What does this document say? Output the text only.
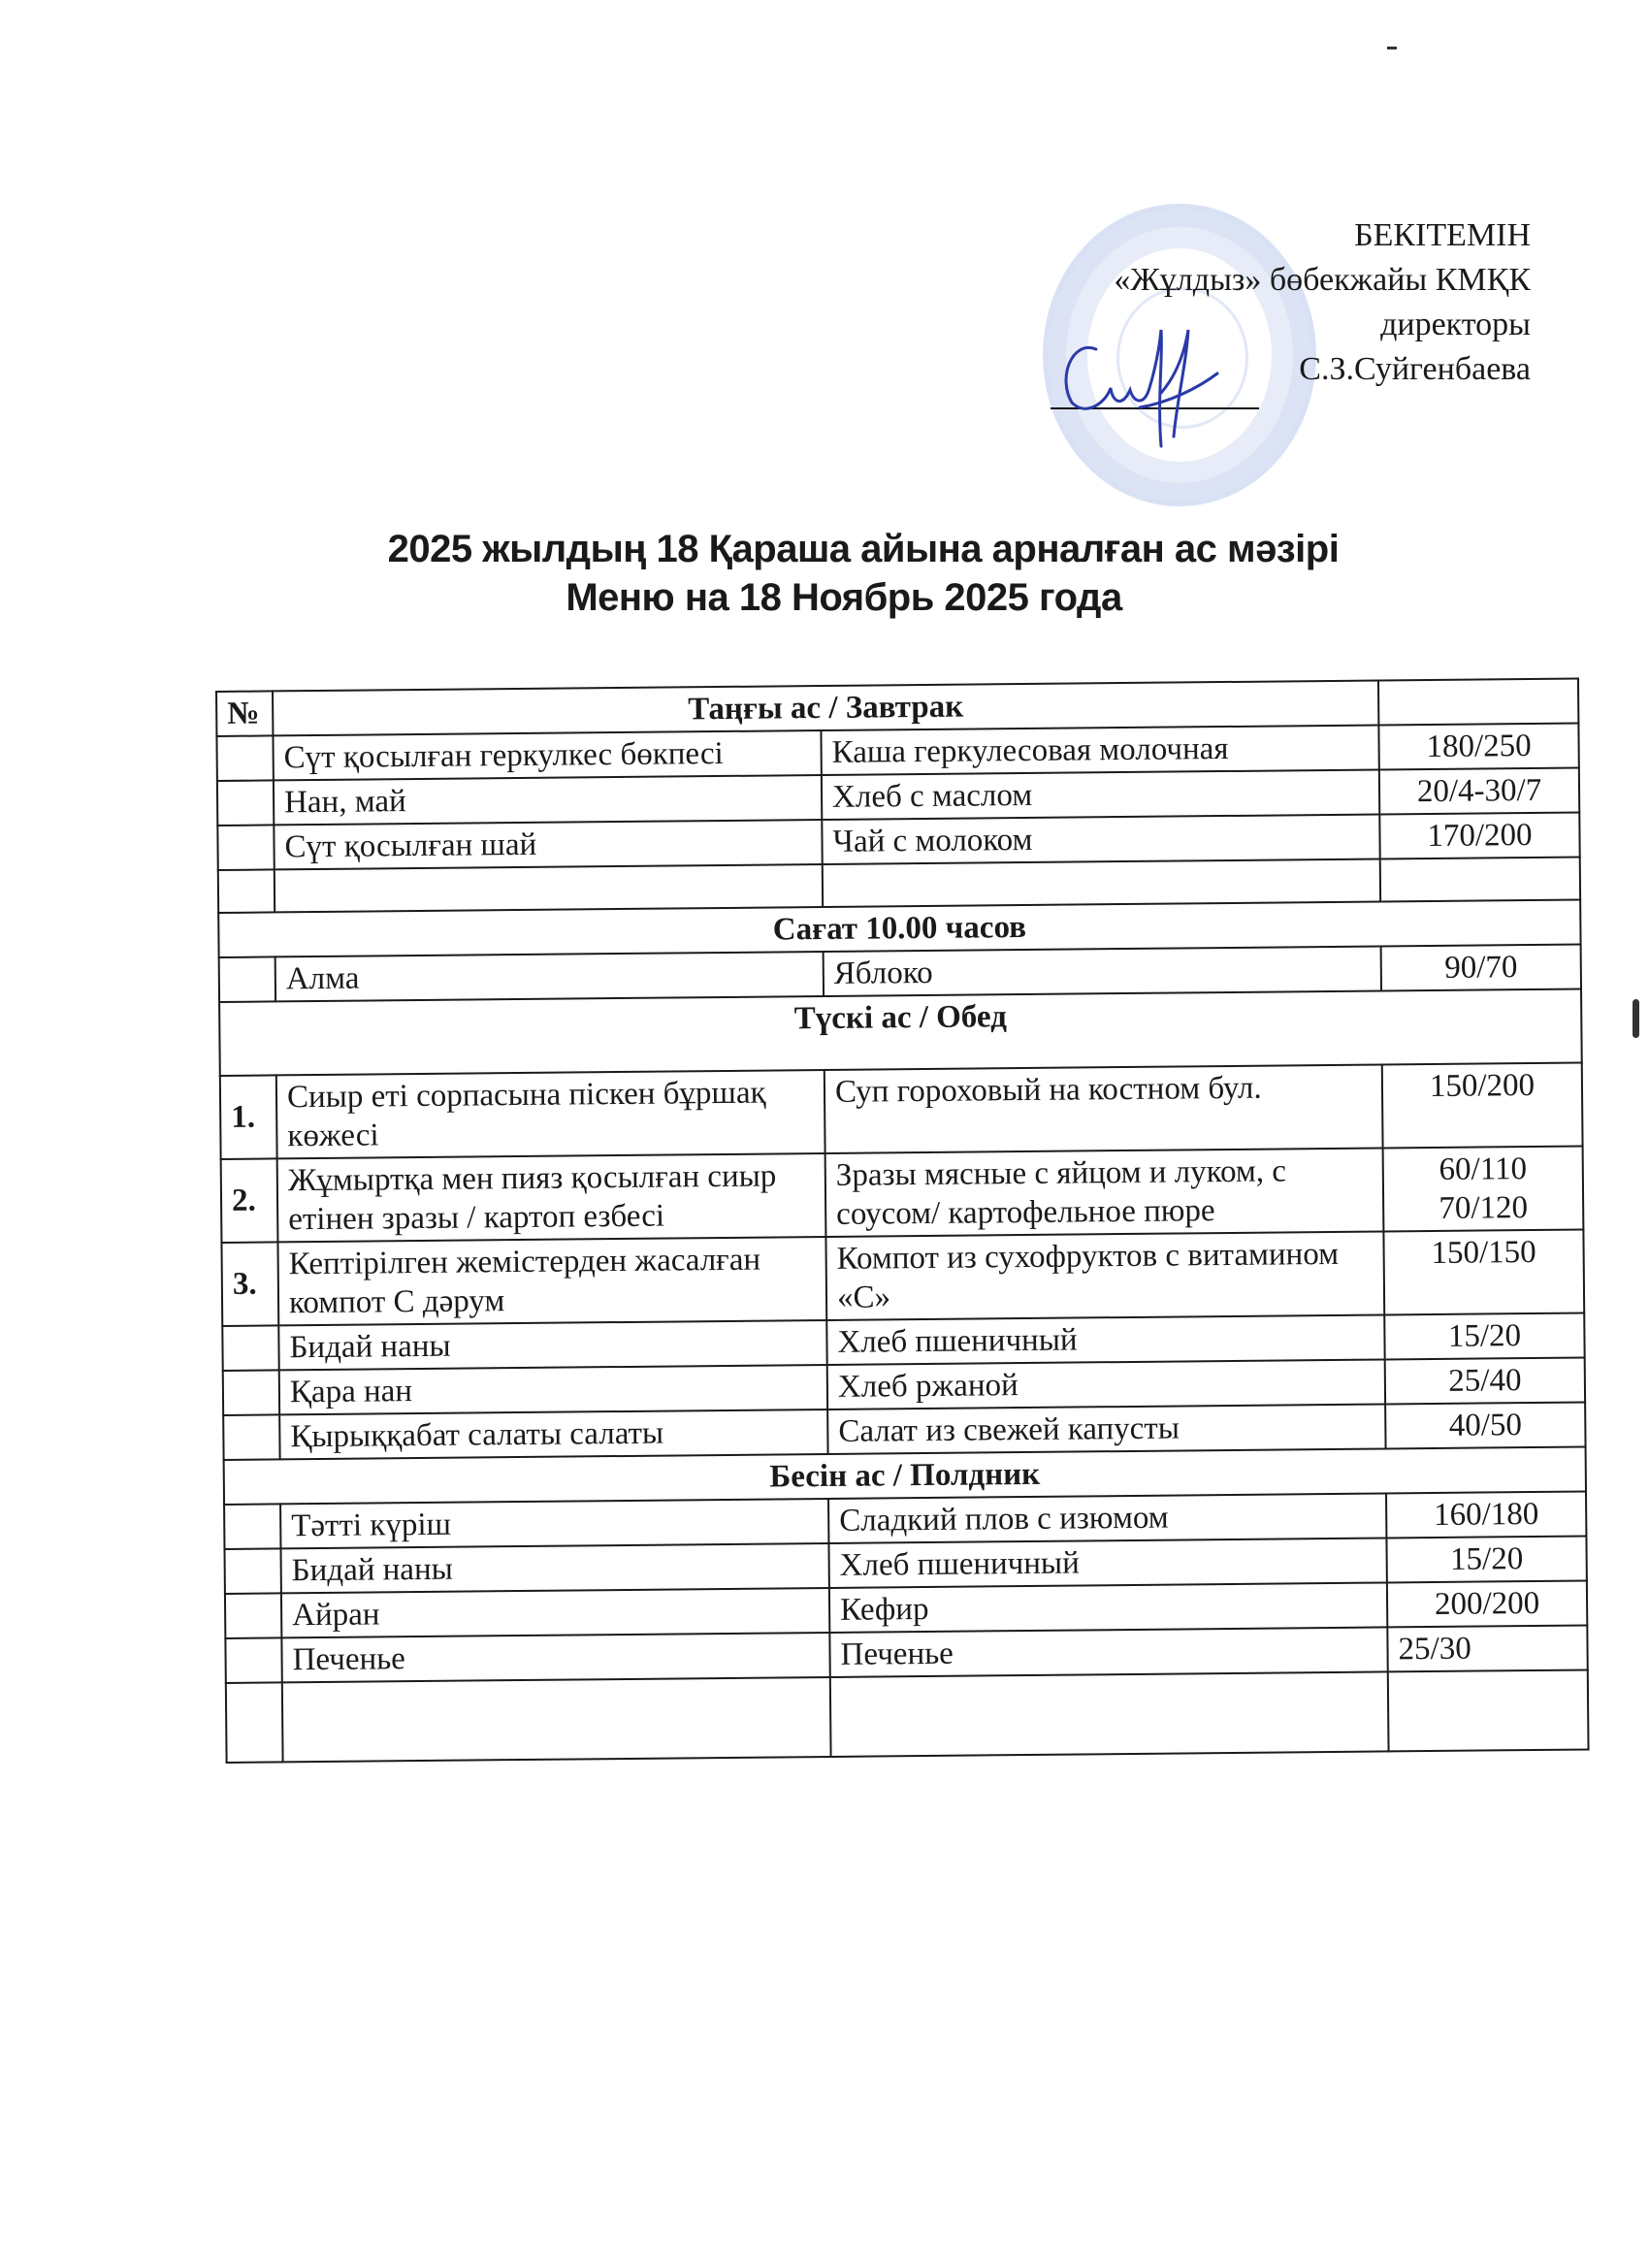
БЕКІТЕМІН
«Жұлдыз» бөбекжайы КМҚК
директоры
С.З.Суйгенбаева
2025 жылдың 18 Қараша айына арналған ас мәзірі
Меню на 18 Ноябрь 2025 года
№	Таңғы ас / Завтрак		
	Сүт қосылған геркулкес бөкпесі	Каша геркулесовая молочная	180/250
	Нан, май	Хлеб с маслом	20/4-30/7
	Сүт қосылған шай	Чай с молоком	170/200

Сағат 10.00 часов			
	Алма	Яблоко	90/70
Түскі ас / Обед			
1.	Сиыр еті сорпасына піскен бұршақ көжесі	Суп гороховый на костном бул.	150/200
2.	Жұмыртқа мен пияз қосылған сиыр етінен зразы / картоп езбесі	Зразы мясные с яйцом и луком, с соусом/ картофельное пюре	60/110 70/120
3.	Кептірілген жемістерден жасалған компот С дәрум	Компот из сухофруктов с витамином «С»	150/150
	Бидай наны	Хлеб пшеничный	15/20
	Қара нан	Хлеб ржаной	25/40
	Қырыққабат салаты салаты	Салат из свежей капусты	40/50
Бесін ас / Полдник			
	Тәтті күріш	Сладкий плов с изюмом	160/180
	Бидай наны	Хлеб пшеничный	15/20
	Айран	Кефир	200/200
	Печенье	Печенье	25/30
